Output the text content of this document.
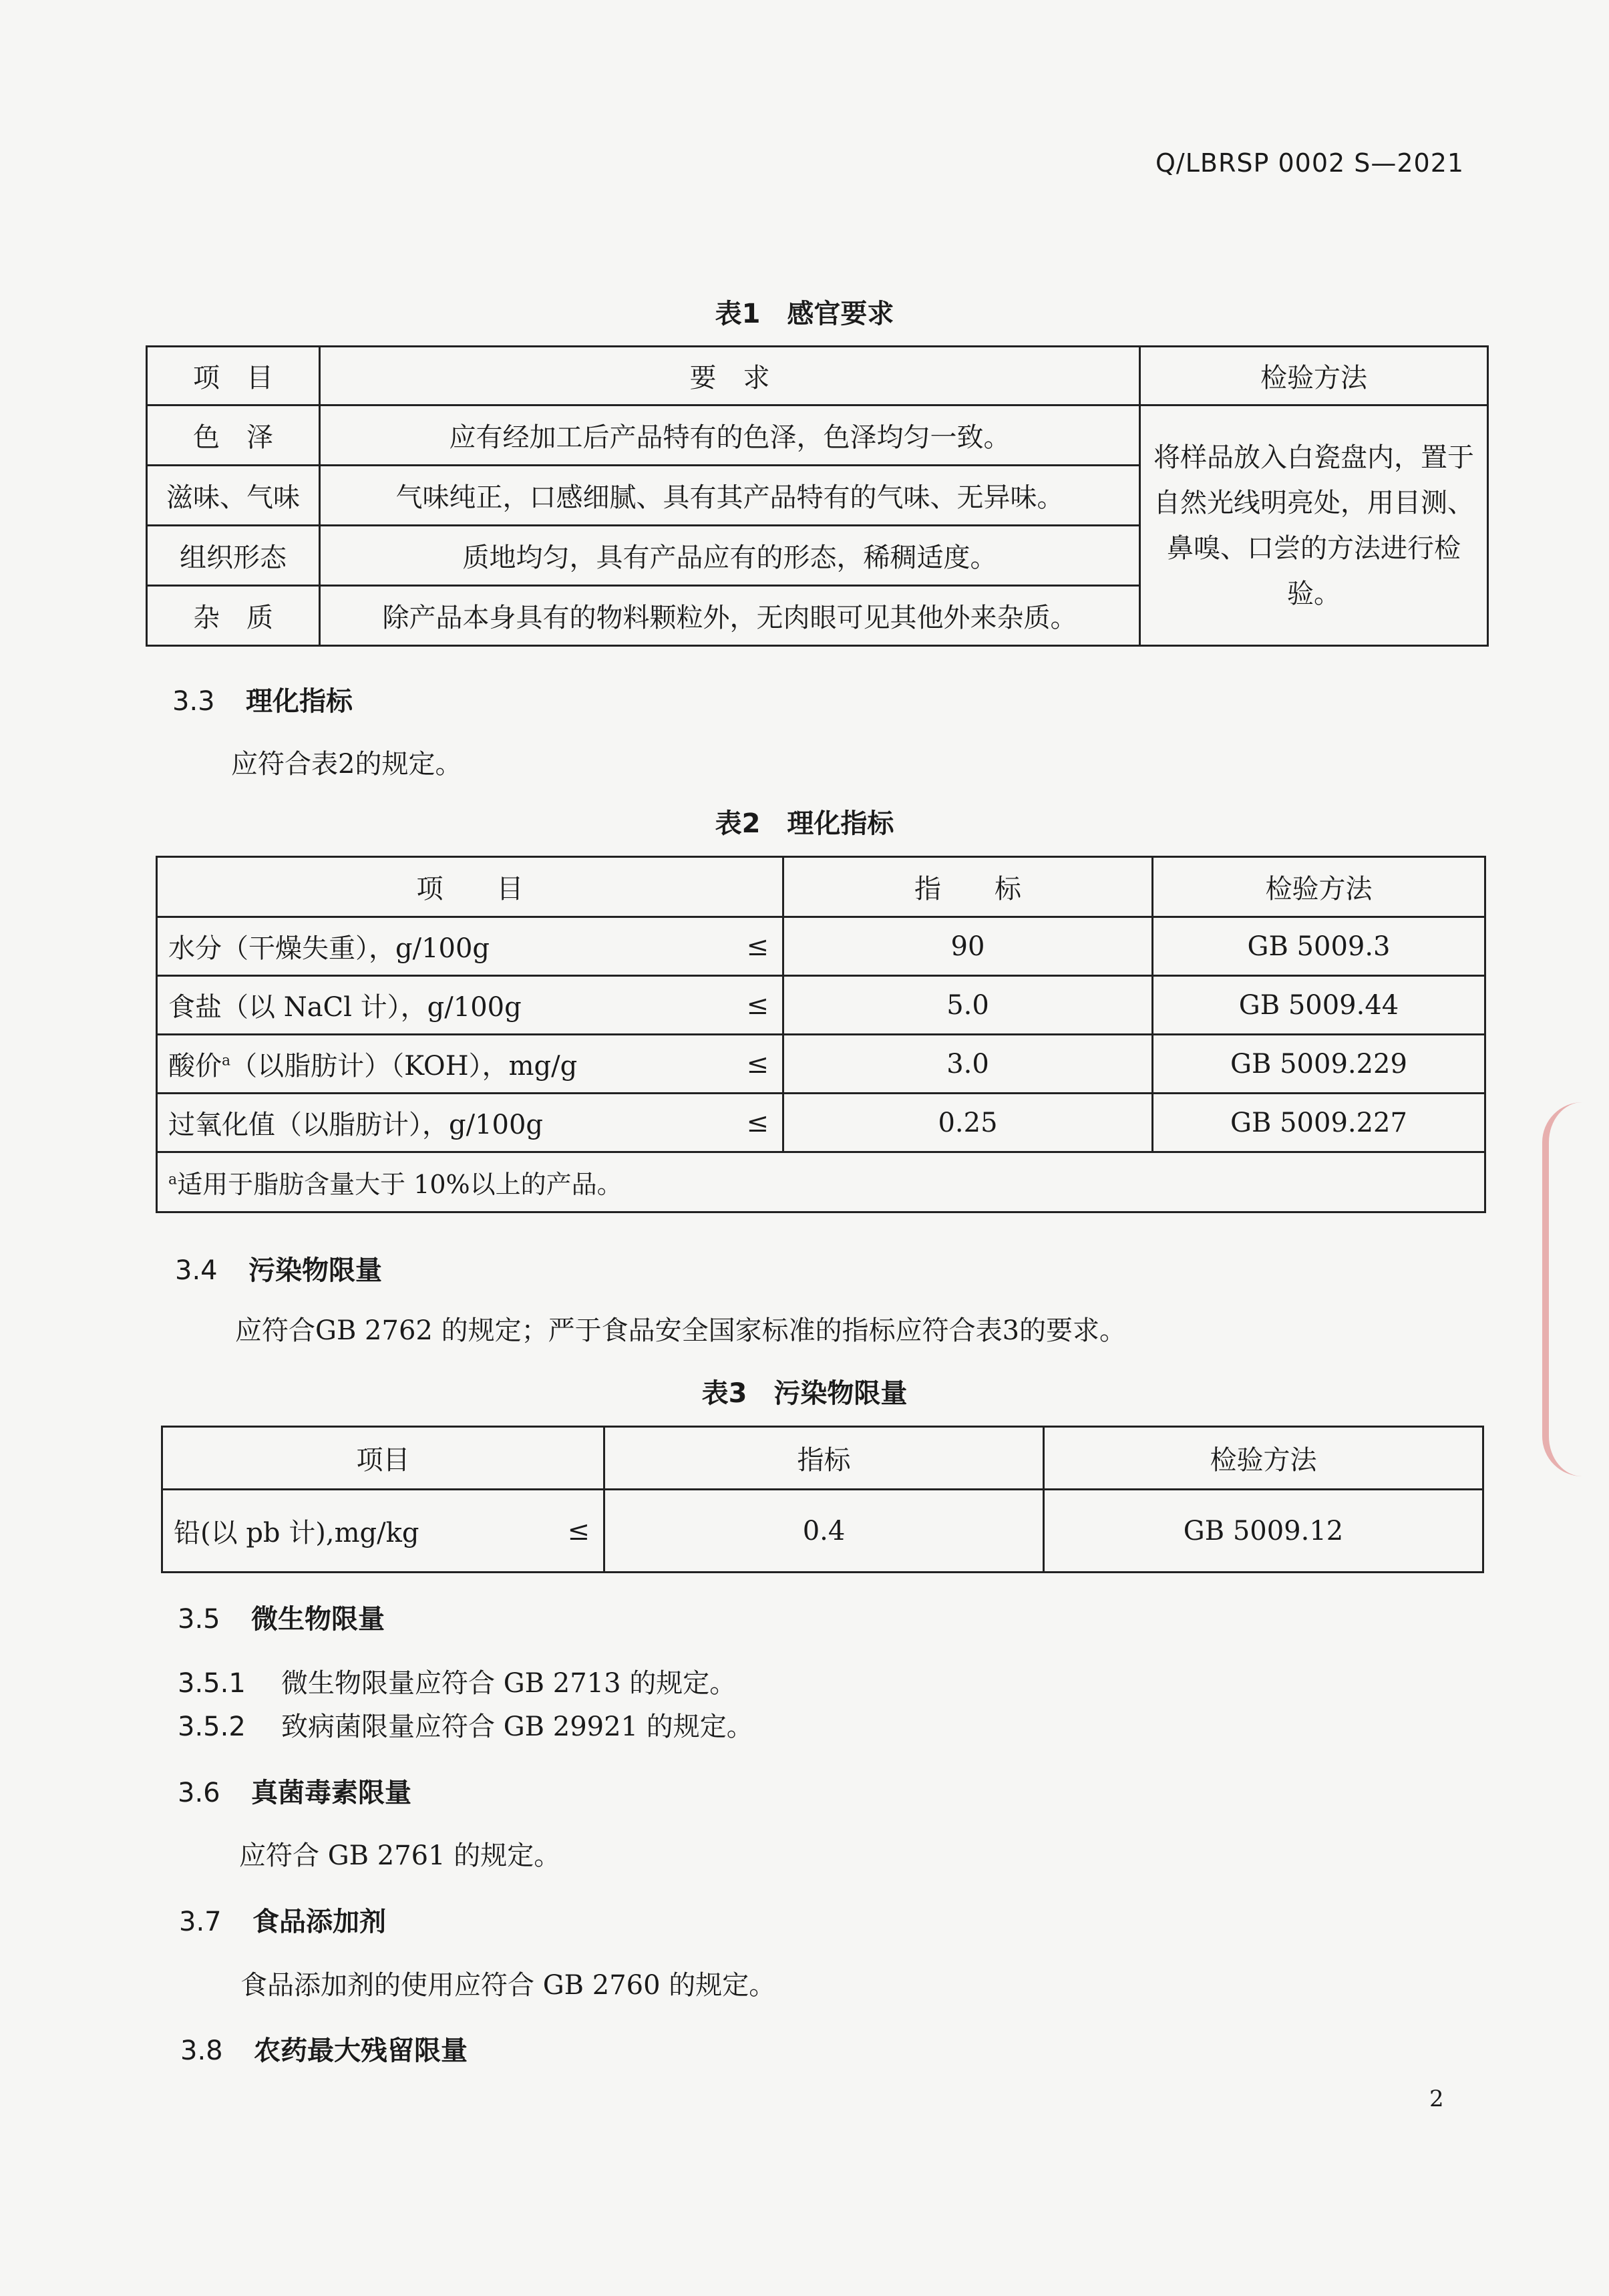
Q/LBRSP 0002 S—2021
表1　感官要求
项　目	要　求	检验方法
色　泽	应有经加工后产品特有的色泽，色泽均匀一致。	将样品放入白瓷盘内，置于自然光线明亮处，用目测、鼻嗅、口尝的方法进行检验。
滋味、气味	气味纯正，口感细腻、具有其产品特有的气味、无异味。	
组织形态	质地均匀，具有产品应有的形态，稀稠适度。	
杂　质	除产品本身具有的物料颗粒外，无肉眼可见其他外来杂质。	
3.3 理化指标
应符合表2的规定。
表2　理化指标
项　　目	指　　标	检验方法
水分（干燥失重），g/100g ≤	90	GB 5009.3
食盐（以 NaCl 计），g/100g ≤	5.0	GB 5009.44
酸价$^a$（以脂肪计）（KOH），mg/g ≤	3.0	GB 5009.229
过氧化值（以脂肪计），g/100g ≤	0.25	GB 5009.227
$^a$适用于脂肪含量大于 10%以上的产品。		
3.4 污染物限量
应符合GB 2762 的规定；严于食品安全国家标准的指标应符合表3的要求。
表3　污染物限量
项目	指标	检验方法
铅(以 pb 计),mg/kg ≤	0.4	GB 5009.12
3.5 微生物限量
3.5.1 微生物限量应符合 GB 2713 的规定。
3.5.2 致病菌限量应符合 GB 29921 的规定。
3.6 真菌毒素限量
应符合 GB 2761 的规定。
3.7 食品添加剂
食品添加剂的使用应符合 GB 2760 的规定。
3.8 农药最大残留限量
2
